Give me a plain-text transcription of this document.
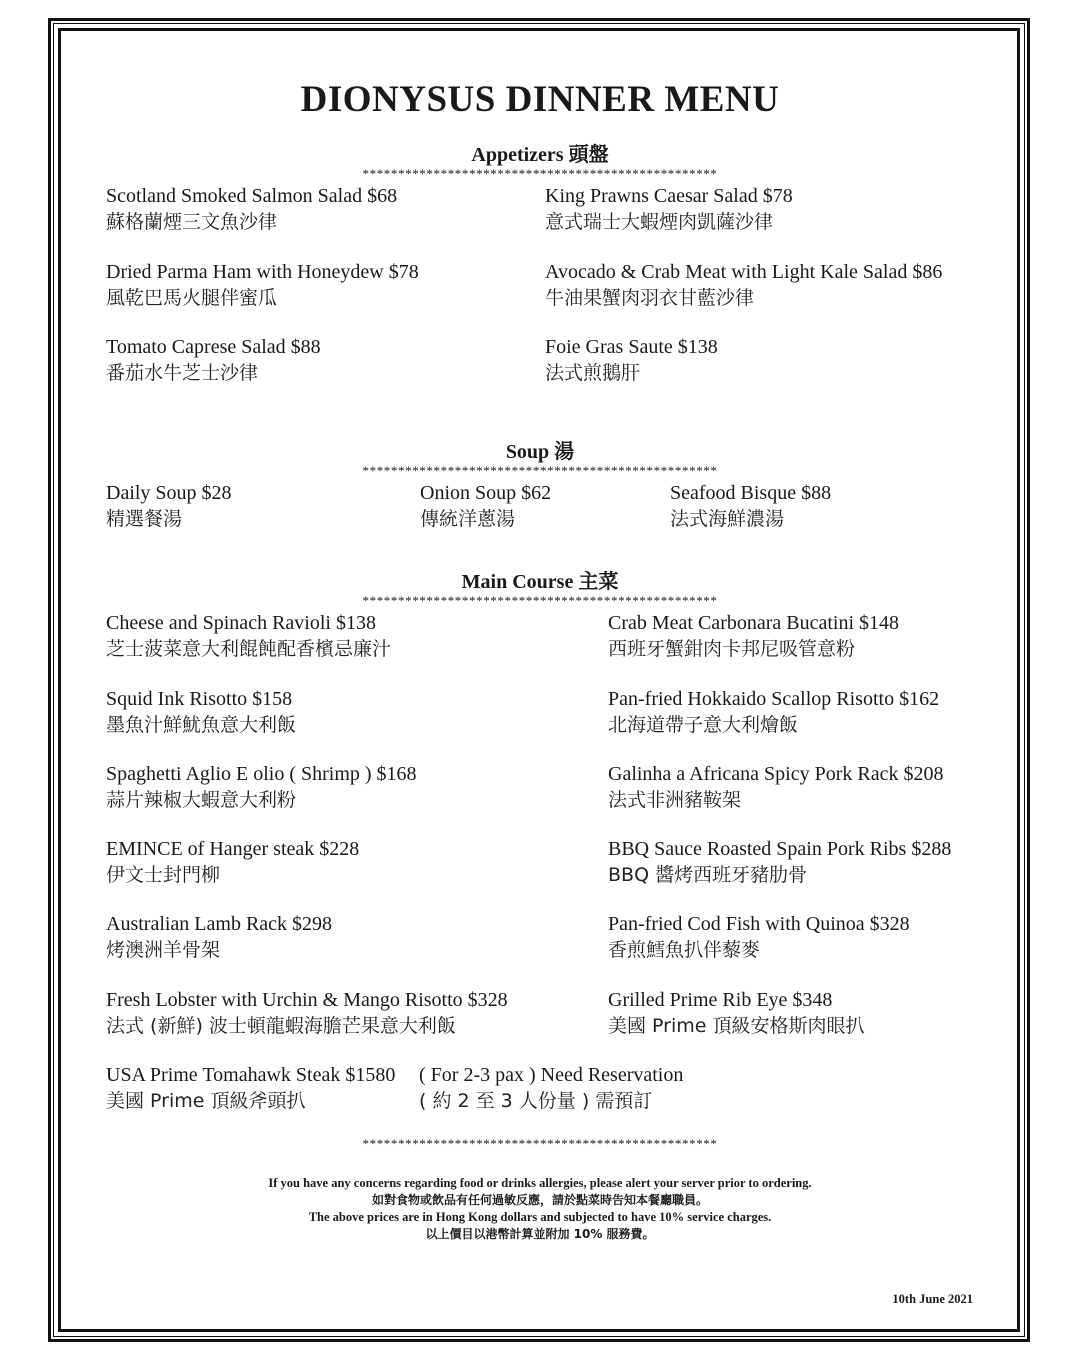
DIONYSUS DINNER MENU
Appetizers 頭盤
**************************************************
Scotland Smoked Salmon Salad $68
蘇格蘭煙三文魚沙律
King Prawns Caesar Salad $78
意式瑞士大蝦煙肉凱薩沙律
Dried Parma Ham with Honeydew $78
風乾巴馬火腿伴蜜瓜
Avocado & Crab Meat with Light Kale Salad $86
牛油果蟹肉羽衣甘藍沙律
Tomato Caprese Salad $88
番茄水牛芝士沙律
Foie Gras Saute $138
法式煎鵝肝
Soup 湯
**************************************************
Daily Soup $28
精選餐湯
Onion Soup $62
傳統洋蔥湯
Seafood Bisque $88
法式海鮮濃湯
Main Course 主菜
**************************************************
Cheese and Spinach Ravioli $138
芝士菠菜意大利餛飩配香檳忌廉汁
Crab Meat Carbonara Bucatini $148
西班牙蟹鉗肉卡邦尼吸管意粉
Squid Ink Risotto $158
墨魚汁鮮魷魚意大利飯
Pan-fried Hokkaido Scallop Risotto $162
北海道帶子意大利燴飯
Spaghetti Aglio E olio ( Shrimp ) $168
蒜片辣椒大蝦意大利粉
Galinha a Africana Spicy Pork Rack $208
法式非洲豬鞍架
EMINCE of Hanger steak $228
伊文士封門柳
BBQ Sauce Roasted Spain Pork Ribs $288
BBQ 醬烤西班牙豬肋骨
Australian Lamb Rack $298
烤澳洲羊骨架
Pan-fried Cod Fish with Quinoa $328
香煎鱈魚扒伴藜麥
Fresh Lobster with Urchin & Mango Risotto $328
法式 (新鮮) 波士頓龍蝦海膽芒果意大利飯
Grilled Prime Rib Eye $348
美國 Prime 頂級安格斯肉眼扒
USA Prime Tomahawk Steak $1580
美國 Prime 頂級斧頭扒
( For 2-3 pax ) Need Reservation
( 約 2 至 3 人份量 ) 需預訂
**************************************************
If you have any concerns regarding food or drinks allergies, please alert your server prior to ordering.
如對食物或飲品有任何過敏反應，請於點菜時告知本餐廳職員。
The above prices are in Hong Kong dollars and subjected to have 10% service charges.
以上價目以港幣計算並附加 10% 服務費。
10th June 2021
